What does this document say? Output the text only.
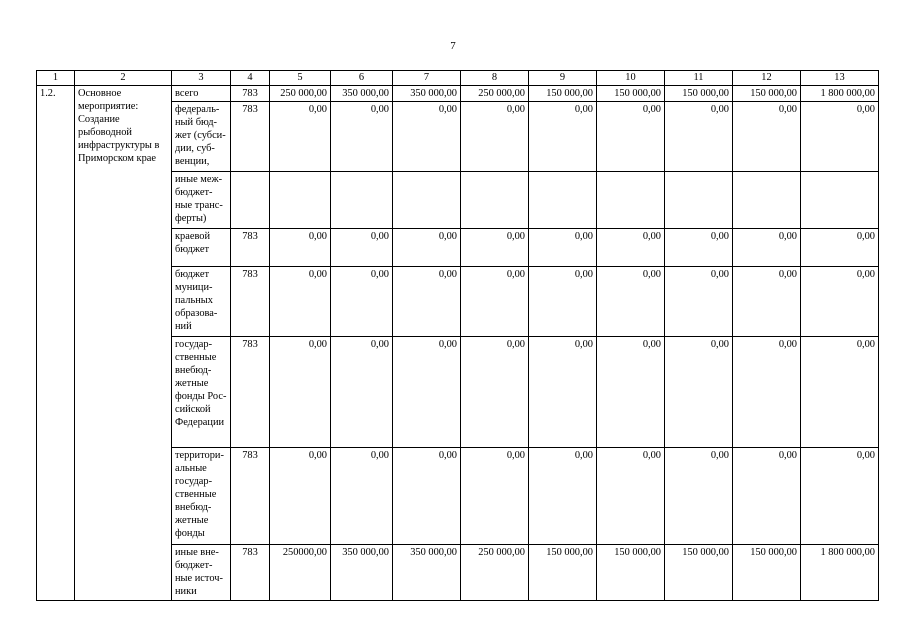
7
1	2	3	4	5	6	7	8	9	10	11	12	13
1.2.	Основное мероприятие: Создание рыбоводной инфраструктуры в Приморском крае	всего	783	250 000,00	350 000,00	350 000,00	250 000,00	150 000,00	150 000,00	150 000,00	150 000,00	1 800 000,00
		федераль-ный бюд-жет (субси-дии, суб-венции,	783	0,00	0,00	0,00	0,00	0,00	0,00	0,00	0,00	0,00
		иные меж-бюджет-ные транс-ферты)										
		краевой бюджет	783	0,00	0,00	0,00	0,00	0,00	0,00	0,00	0,00	0,00
		бюджет муници-пальных образова-ний	783	0,00	0,00	0,00	0,00	0,00	0,00	0,00	0,00	0,00
		государ-ственные внебюд-жетные фонды Рос-сийской Федерации	783	0,00	0,00	0,00	0,00	0,00	0,00	0,00	0,00	0,00
		территори-альные государ-ственные внебюд-жетные фонды	783	0,00	0,00	0,00	0,00	0,00	0,00	0,00	0,00	0,00
		иные вне-бюджет-ные источ-ники	783	250000,00	350 000,00	350 000,00	250 000,00	150 000,00	150 000,00	150 000,00	150 000,00	1 800 000,00
